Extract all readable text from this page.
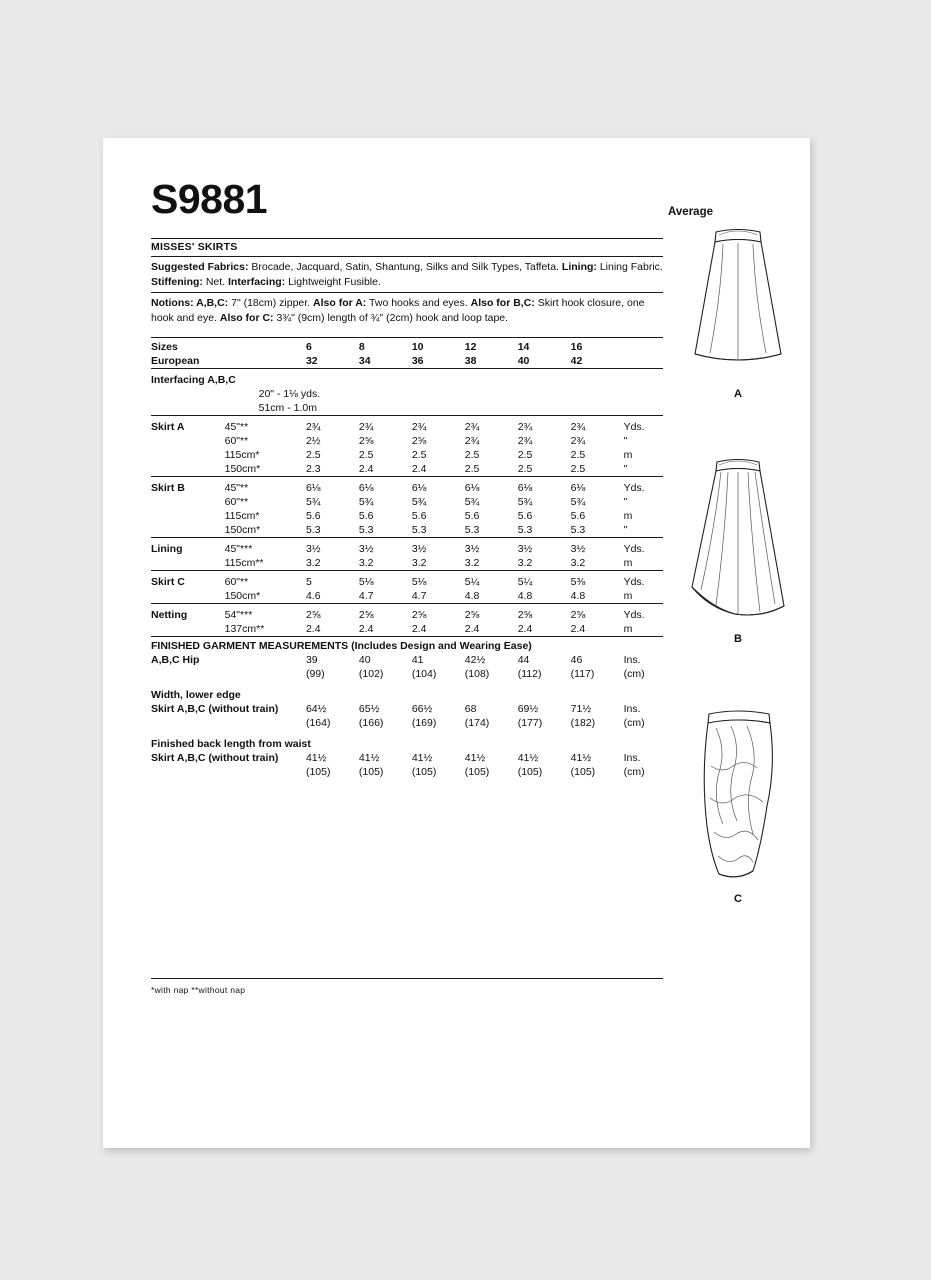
S9881	Average
MISSES' SKIRTS
Suggested Fabrics: Brocade, Jacquard, Satin, Shantung, Silks and Silk Types, Taffeta. Lining: Lining Fabric. Stiffening: Net. Interfacing: Lightweight Fusible.
Notions: A,B,C: 7" (18cm) zipper. Also for A: Two hooks and eyes. Also for B,C: Skirt hook closure, one hook and eye. Also for C: 3¾" (9cm) length of ¾" (2cm) hook and loop tape.
Sizes		6	8	10	12	14	16	
European		32	34	36	38	40	42	
Interfacing A,B,C								
	20" - 1⅛ yds.							
	51cm - 1.0m							
Skirt A	45"**	2¾	2¾	2¾	2¾	2¾	2¾	Yds.
	60"**	2½	2⅝	2⅝	2¾	2¾	2¾	"
	115cm*	2.5	2.5	2.5	2.5	2.5	2.5	m
	150cm*	2.3	2.4	2.4	2.5	2.5	2.5	"
Skirt B	45"**	6⅛	6⅛	6⅛	6⅛	6⅛	6⅛	Yds.
	60"**	5¾	5¾	5¾	5¾	5¾	5¾	"
	115cm*	5.6	5.6	5.6	5.6	5.6	5.6	m
	150cm*	5.3	5.3	5.3	5.3	5.3	5.3	"
Lining	45"***	3½	3½	3½	3½	3½	3½	Yds.
	115cm**	3.2	3.2	3.2	3.2	3.2	3.2	m
Skirt C	60"**	5	5⅛	5⅛	5¼	5¼	5⅜	Yds.
	150cm*	4.6	4.7	4.7	4.8	4.8	4.8	m
Netting	54"***	2⅝	2⅝	2⅝	2⅝	2⅝	2⅝	Yds.
	137cm**	2.4	2.4	2.4	2.4	2.4	2.4	m
FINISHED GARMENT MEASUREMENTS (Includes Design and Wearing Ease)								
A,B,C Hip		39	40	41	42½	44	46	Ins.
		(99)	(102)	(104)	(108)	(112)	(117)	(cm)

Width, lower edge								
Skirt A,B,C (without train)		64½	65½	66½	68	69½	71½	Ins.
		(164)	(166)	(169)	(174)	(177)	(182)	(cm)

Finished back length from waist								
Skirt A,B,C (without train)		41½	41½	41½	41½	41½	41½	Ins.
		(105)	(105)	(105)	(105)	(105)	(105)	(cm)
*with nap **without nap
A
B
C
